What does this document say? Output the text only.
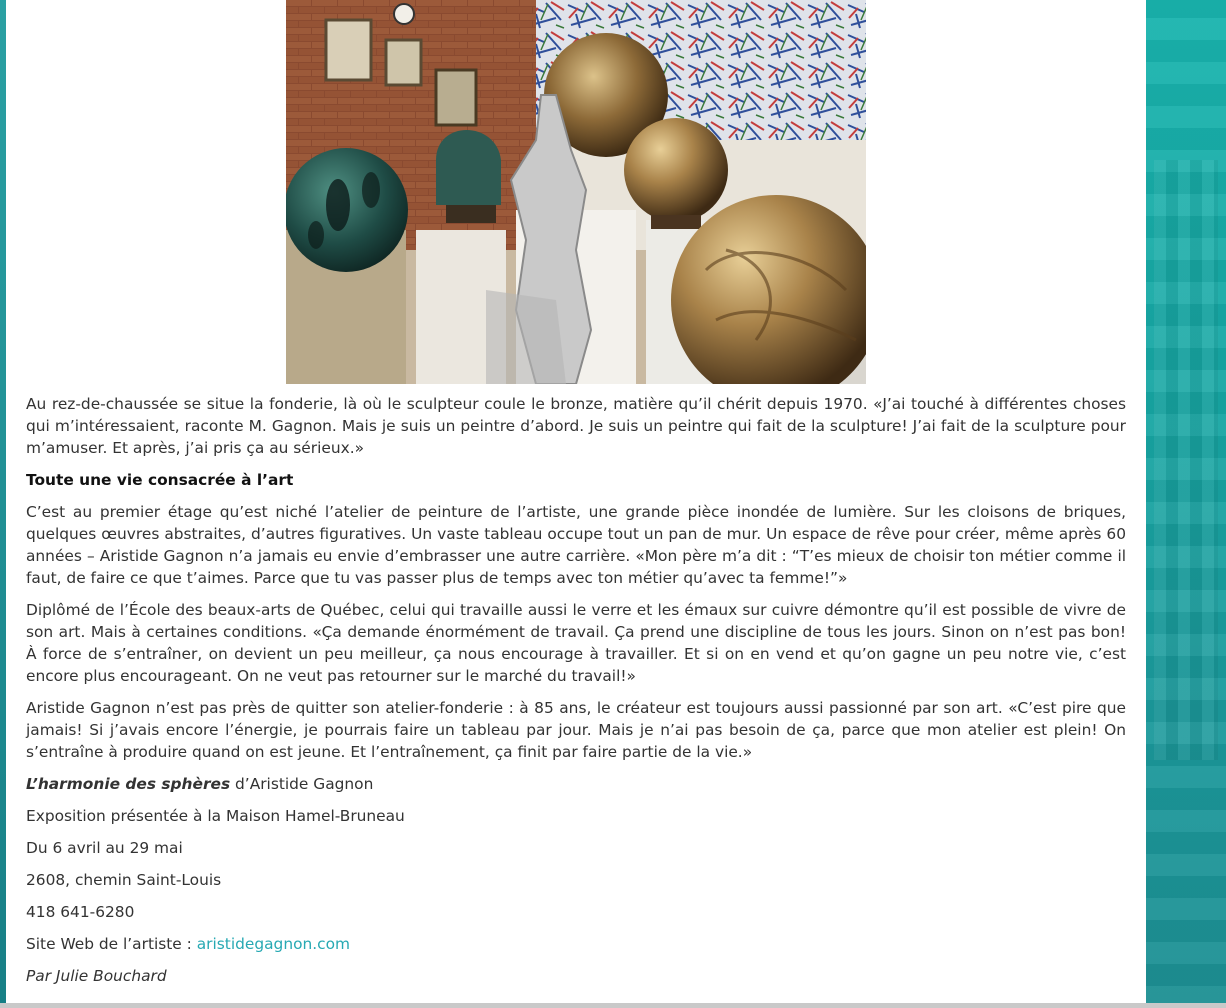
Au rez-de-chaussée se situe la fonderie, là où le sculpteur coule le bronze, matière qu’il chérit depuis 1970. «J’ai touché à différentes choses qui m’intéressaient, raconte M. Gagnon. Mais je suis un peintre d’abord. Je suis un peintre qui fait de la sculpture! J’ai fait de la sculpture pour m’amuser. Et après, j’ai pris ça au sérieux.»

Toute une vie consacrée à l’art

C’est au premier étage qu’est niché l’atelier de peinture de l’artiste, une grande pièce inondée de lumière. Sur les cloisons de briques, quelques œuvres abstraites, d’autres figuratives. Un vaste tableau occupe tout un pan de mur. Un espace de rêve pour créer, même après 60 années – Aristide Gagnon n’a jamais eu envie d’embrasser une autre carrière. «Mon père m’a dit : “T’es mieux de choisir ton métier comme il faut, de faire ce que t’aimes. Parce que tu vas passer plus de temps avec ton métier qu’avec ta femme!”»

Diplômé de l’École des beaux-arts de Québec, celui qui travaille aussi le verre et les émaux sur cuivre démontre qu’il est possible de vivre de son art. Mais à certaines conditions. «Ça demande énormément de travail. Ça prend une discipline de tous les jours. Sinon on n’est pas bon! À force de s’entraîner, on devient un peu meilleur, ça nous encourage à travailler. Et si on en vend et qu’on gagne un peu notre vie, c’est encore plus encourageant. On ne veut pas retourner sur le marché du travail!»

Aristide Gagnon n’est pas près de quitter son atelier-fonderie : à 85 ans, le créateur est toujours aussi passionné par son art. «C’est pire que jamais! Si j’avais encore l’énergie, je pourrais faire un tableau par jour. Mais je n’ai pas besoin de ça, parce que mon atelier est plein! On s’entraîne à produire quand on est jeune. Et l’entraînement, ça finit par faire partie de la vie.»

L’harmonie des sphères d’Aristide Gagnon

Exposition présentée à la Maison Hamel-Bruneau

Du 6 avril au 29 mai

2608, chemin Saint-Louis

418 641-6280

Site Web de l’artiste : aristidegagnon.com

Par Julie Bouchard
